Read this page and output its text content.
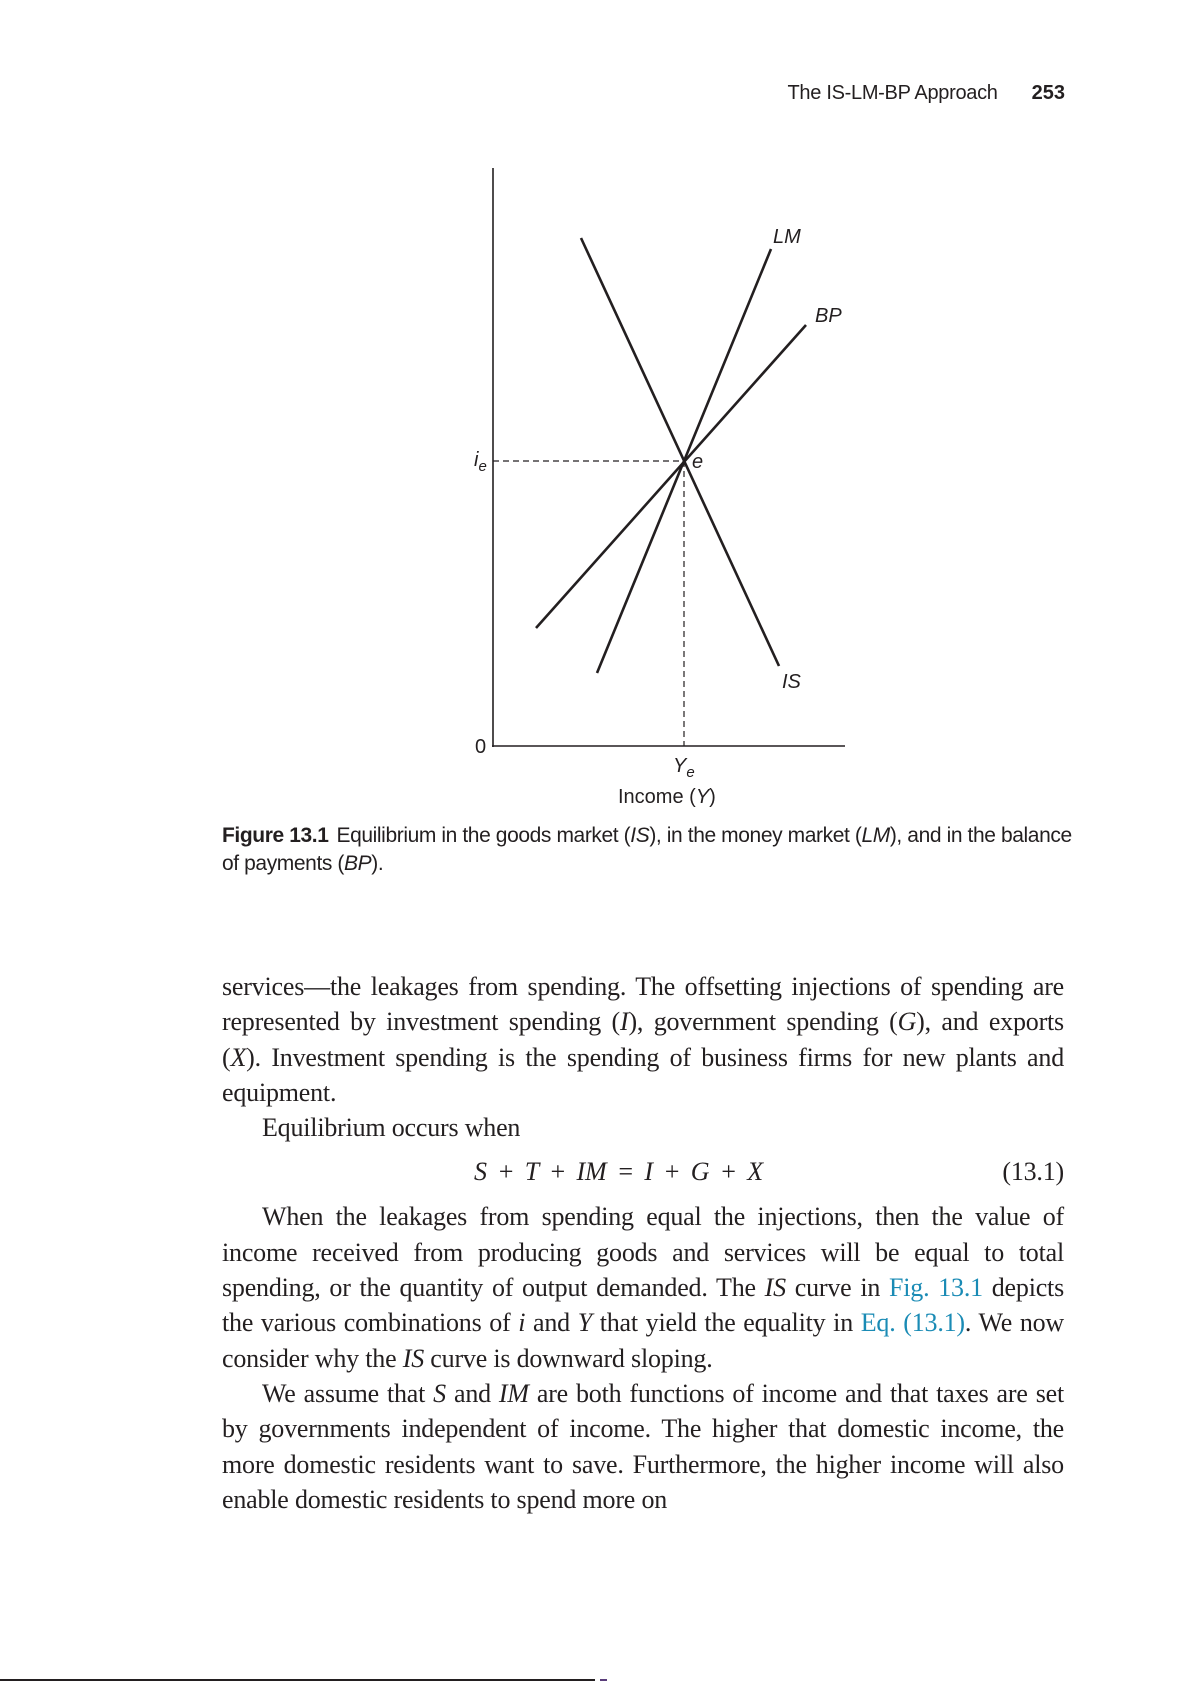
The IS-LM-BP Approach 253
LM
BP
IS
e
$i_e$
0
$Y_e$
Income (Y)
Figure 13.1 Equilibrium in the goods market (IS), in the money market (LM), and in the balance of payments (BP).

services—the leakages from spending. The offsetting injections of spending are represented by investment spending (I), government spending (G), and exports (X). Investment spending is the spending of business firms for new plants and equipment.

Equilibrium occurs when

S + T + IM = I + G + X	(13.1)

When the leakages from spending equal the injections, then the value of income received from producing goods and services will be equal to total spending, or the quantity of output demanded. The IS curve in Fig. 13.1 depicts the various combinations of i and Y that yield the equality in Eq. (13.1). We now consider why the IS curve is downward sloping.

We assume that S and IM are both functions of income and that taxes are set by governments independent of income. The higher that domestic income, the more domestic residents want to save. Furthermore, the higher income will also enable domestic residents to spend more on
